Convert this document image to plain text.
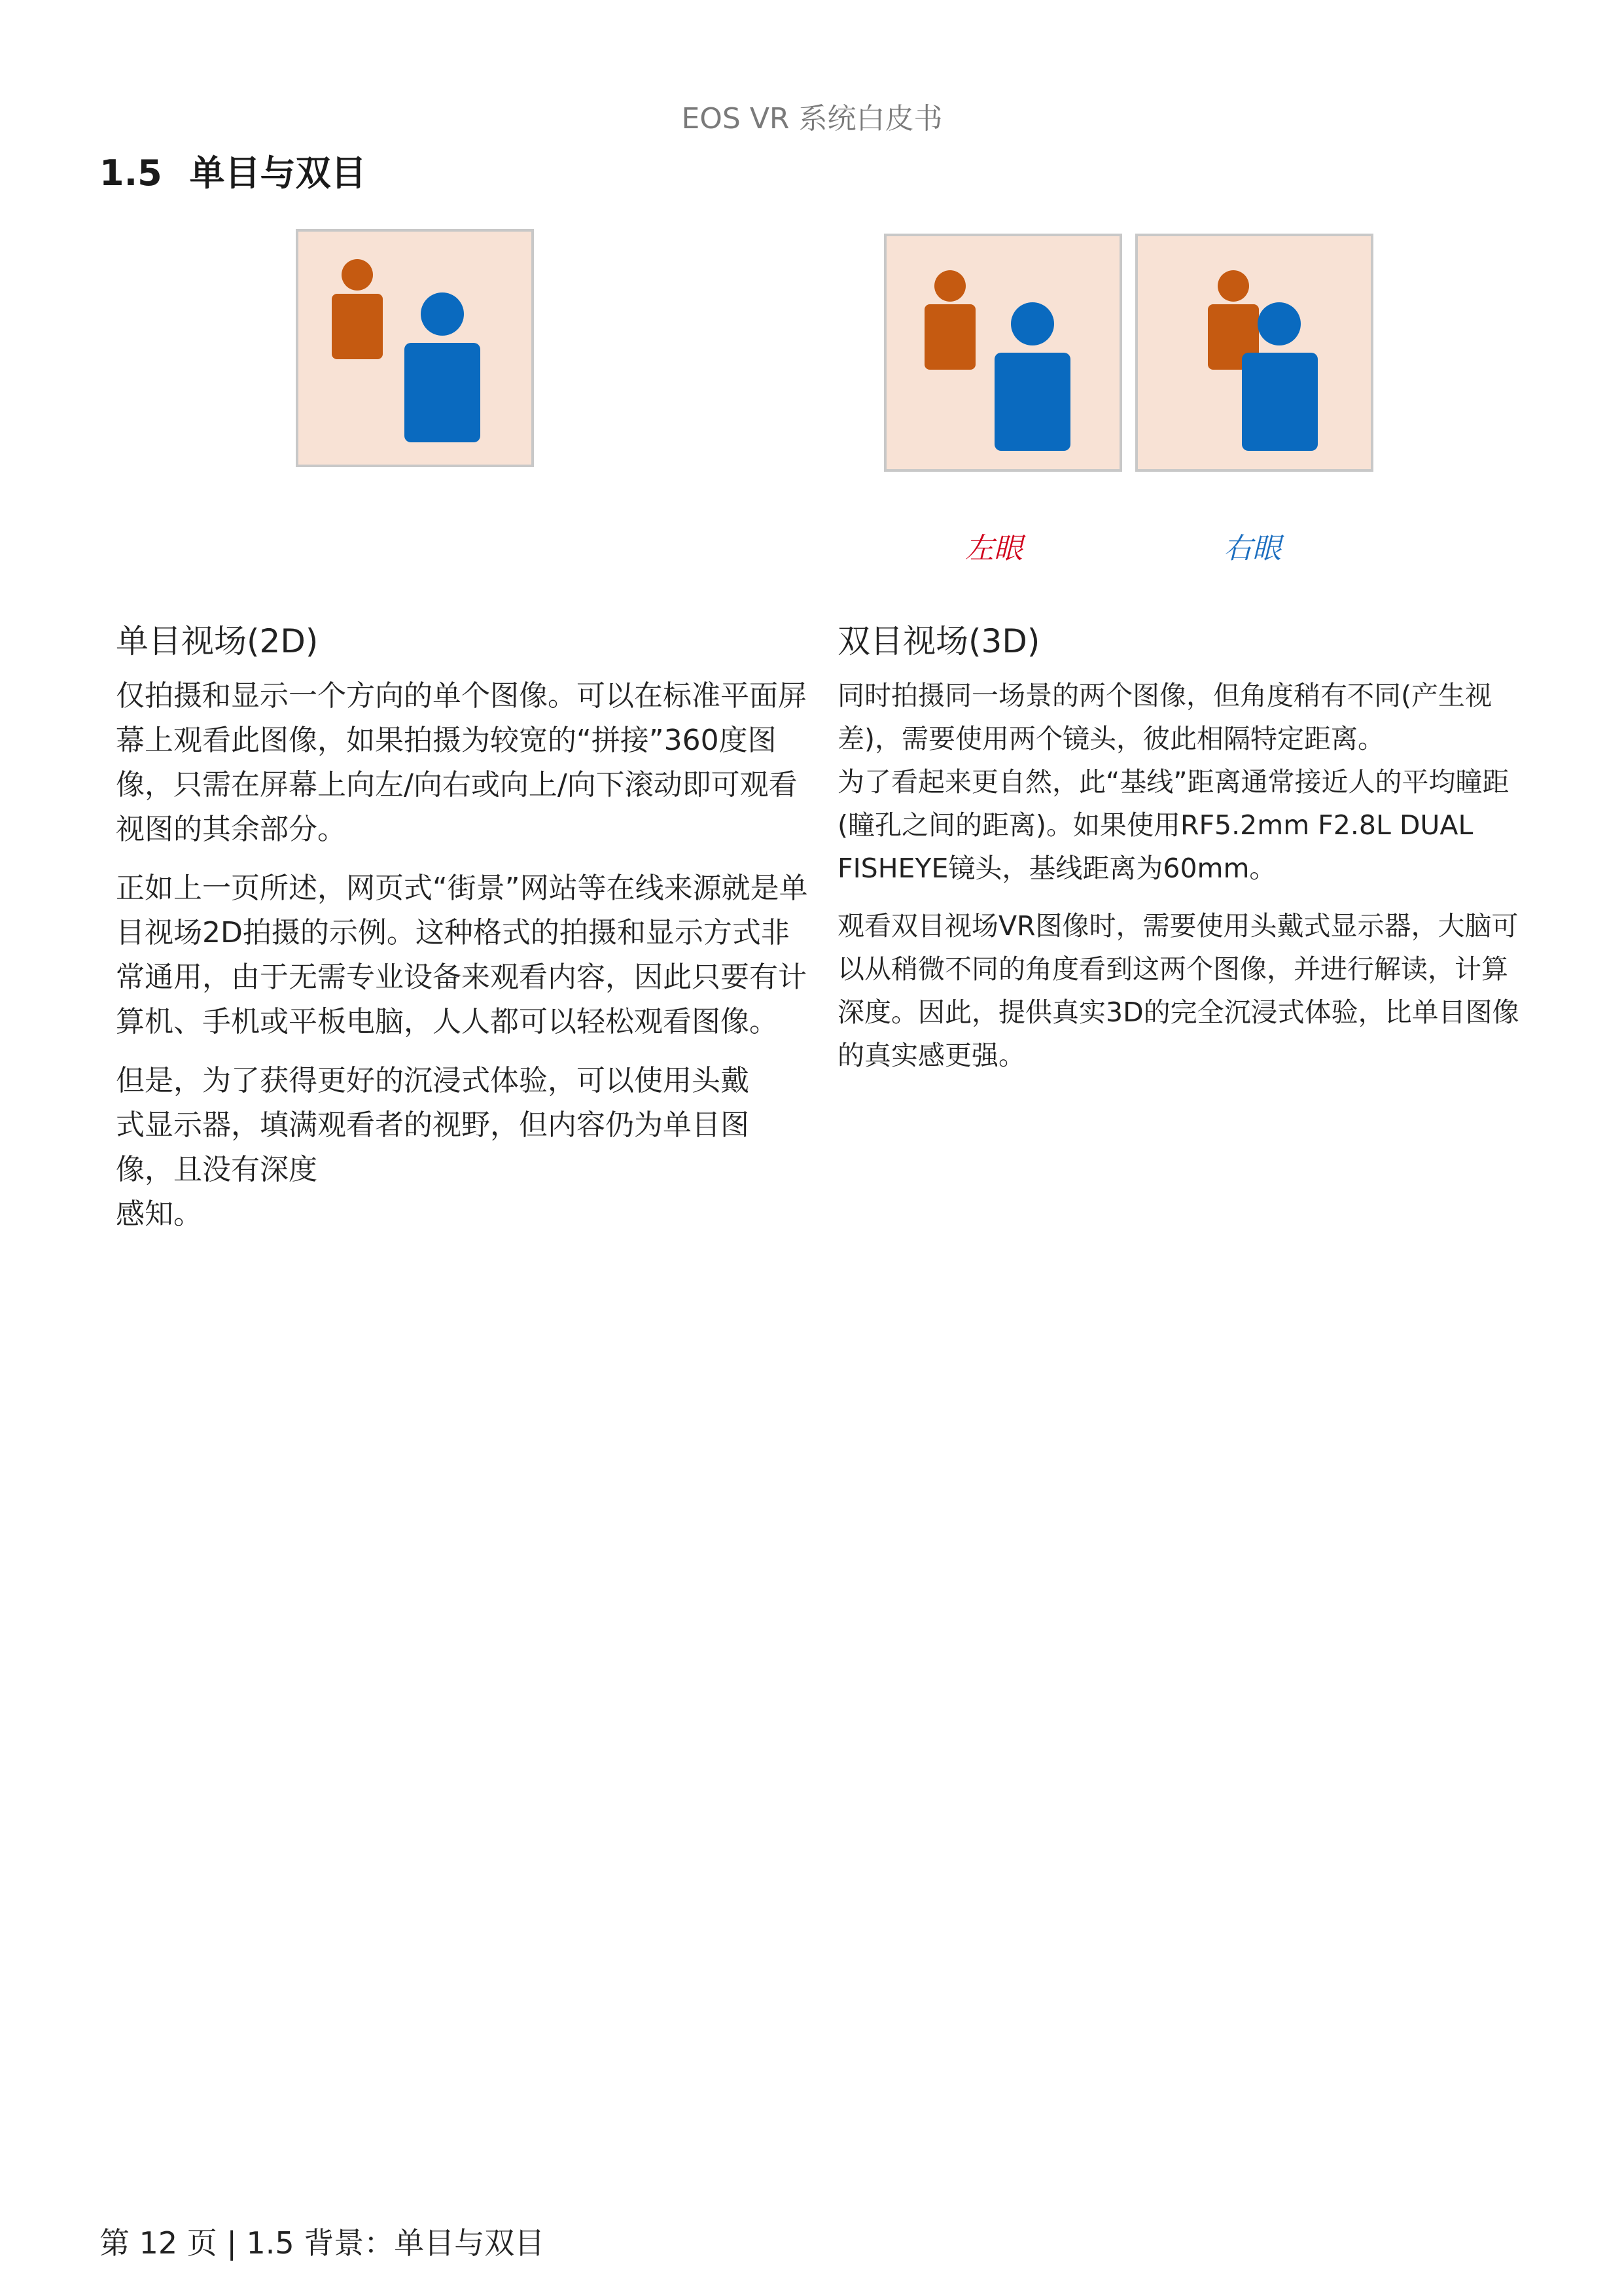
EOS VR 系统白皮书
1.5 单目与双目
左眼	右眼
单目视场(2D)

仅拍摄和显示一个方向的单个图像。可以在标准平面屏幕上观看此图像，如果拍摄为较宽的“拼接”360度图像，只需在屏幕上向左/向右或向上/向下滚动即可观看视图的其余部分。

正如上一页所述，网页式“街景”网站等在线来源就是单目视场2D拍摄的示例。这种格式的拍摄和显示方式非常通用，由于无需专业设备来观看内容，因此只要有计算机、手机或平板电脑，人人都可以轻松观看图像。

但是，为了获得更好的沉浸式体验，可以使用头戴式显示器，填满观看者的视野，但内容仍为单目图像，且没有深度

感知。

双目视场(3D)

同时拍摄同一场景的两个图像，但角度稍有不同(产生视差)，需要使用两个镜头，彼此相隔特定距离。

为了看起来更自然，此“基线”距离通常接近人的平均瞳距(瞳孔之间的距离)。如果使用RF5.2mm F2.8L DUAL FISHEYE镜头，基线距离为60mm。

观看双目视场VR图像时，需要使用头戴式显示器，大脑可以从稍微不同的角度看到这两个图像，并进行解读，计算深度。因此，提供真实3D的完全沉浸式体验，比单目图像的真实感更强。

第 12 页 | 1.5 背景：单目与双目
